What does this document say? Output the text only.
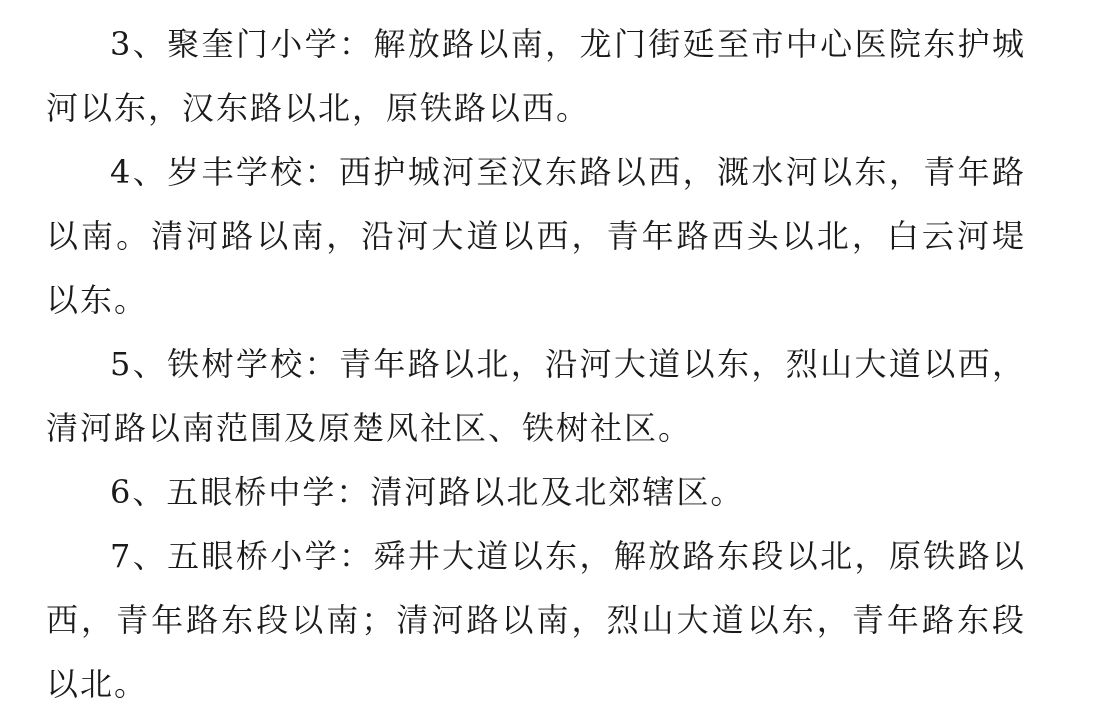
3、聚奎门小学：解放路以南，龙门街延至市中心医院东护城河以东，汉东路以北，原铁路以西。

4、岁丰学校：西护城河至汉东路以西，溉水河以东，青年路以南。清河路以南，沿河大道以西，青年路西头以北，白云河堤以东。

5、铁树学校：青年路以北，沿河大道以东，烈山大道以西，清河路以南范围及原楚风社区、铁树社区。

6、五眼桥中学：清河路以北及北郊辖区。

7、五眼桥小学：舜井大道以东，解放路东段以北，原铁路以西，青年路东段以南；清河路以南，烈山大道以东，青年路东段以北。
